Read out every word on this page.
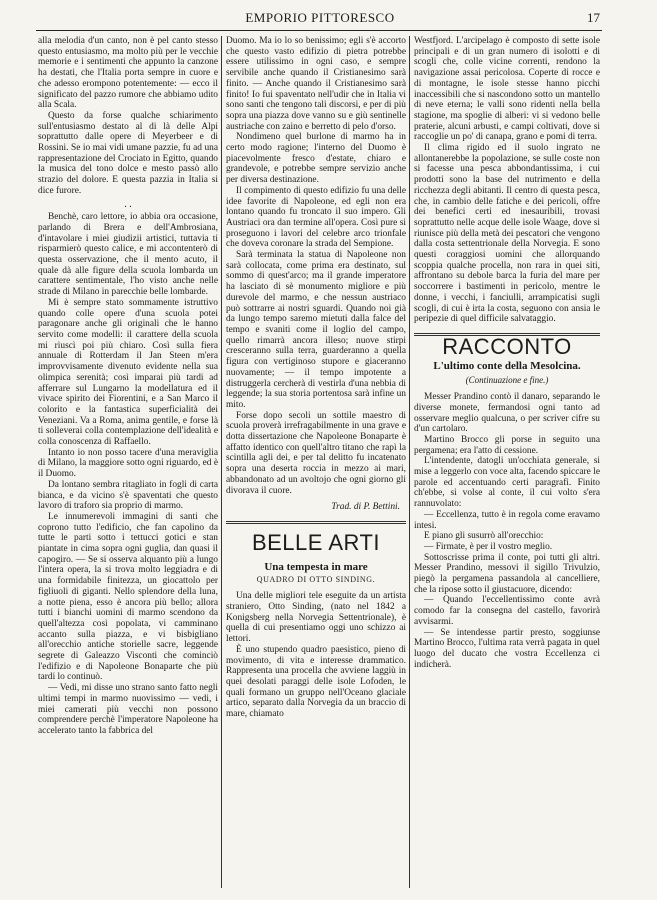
EMPORIO PITTORESCO	17

alla melodia d'un canto, non è pel canto stesso questo entusiasmo, ma molto più per le vecchie memorie e i sentimenti che appunto la canzone ha destati, che l'Italia porta sempre in cuore e che adesso erompono potentemente: — ecco il significato del pazzo rumore che abbiamo udito alla Scala.

Questo da forse qualche schiarimento sull'entusiasmo destato al di là delle Alpi soprattutto dalle opere di Meyerbeer e di Rossini. Se io mai vidi umane pazzie, fu ad una rappresentazione del Crociato in Egitto, quando la musica del tono dolce e mesto passò allo strazio del dolore. E questa pazzia in Italia si dice furore.

. .

Benchè, caro lettore, io abbia ora occasione, parlando di Brera e dell'Ambrosiana, d'intavolare i miei giudizii artistici, tuttavia ti risparmierò questo calice, e mi accontenterò di questa osservazione, che il mento acuto, il quale dà alle figure della scuola lombarda un carattere sentimentale, l'ho visto anche nelle strade di Milano in parecchie belle lombarde.

Mi è sempre stato sommamente istruttivo quando colle opere d'una scuola potei paragonare anche gli originali che le hanno servito come modelli: il carattere della scuola mi riuscì poi più chiaro. Così sulla fiera annuale di Rotterdam il Jan Steen m'era improvvisamente divenuto evidente nella sua olimpica serenità; così imparai più tardi ad afferrare sul Lungarno la modellatura ed il vivace spirito dei Fiorentini, e a San Marco il colorito e la fantastica superficialità dei Veneziani. Va a Roma, anima gentile, e forse là ti solleverai colla contemplazione dell'idealità e colla conoscenza di Raffaello.

Intanto io non posso tacere d'una meraviglia di Milano, la maggiore sotto ogni riguardo, ed è il Duomo.

Da lontano sembra ritagliato in fogli di carta bianca, e da vicino s'è spaventati che questo lavoro di traforo sia proprio di marmo.

Le innumerevoli immagini di santi che coprono tutto l'edificio, che fan capolino da tutte le parti sotto i tettucci gotici e stan piantate in cima sopra ogni guglia, dan quasi il capogiro. — Se si osserva alquanto più a lungo l'intera opera, la si trova molto leggiadra e di una formidabile finitezza, un giocattolo per figliuoli di giganti. Nello splendore della luna, a notte piena, esso è ancora più bello; allora tutti i bianchi uomini di marmo scendono da quell'altezza così popolata, vi camminano accanto sulla piazza, e vi bisbigliano all'orecchio antiche storielle sacre, leggende segrete di Galeazzo Visconti che cominciò l'edifizio e di Napoleone Bonaparte che più tardi lo continuò.

— Vedi, mi disse uno strano santo fatto negli ultimi tempi in marmo nuovissimo — vedi, i miei camerati più vecchi non possono comprendere perchè l'imperatore Napoleone ha accelerato tanto la fabbrica del

Duomo. Ma io lo so benissimo; egli s'è accorto che questo vasto edifizio di pietra potrebbe essere utilissimo in ogni caso, e sempre servibile anche quando il Cristianesimo sarà finito. — Anche quando il Cristianesimo sarà finito! Io fui spaventato nell'udir che in Italia vi sono santi che tengono tali discorsi, e per di più sopra una piazza dove vanno su e giù sentinelle austriache con zaino e berretto di pelo d'orso.

Nondimeno quel burlone di marmo ha in certo modo ragione; l'interno del Duomo è piacevolmente fresco d'estate, chiaro e grandevole, e potrebbe sempre servizio anche per diversa destinazione.

Il compimento di questo edifizio fu una delle idee favorite di Napoleone, ed egli non era lontano quando fu troncato il suo impero. Gli Austriaci ora dan termine all'opera. Così pure si proseguono i lavori del celebre arco trionfale che doveva coronare la strada del Sempione.

Sarà terminata la statua di Napoleone non sarà collocata, come prima era destinato, sul sommo di quest'arco; ma il grande imperatore ha lasciato di sè monumento migliore e più durevole del marmo, e che nessun austriaco può sottrarre ai nostri sguardi. Quando noi già da lungo tempo saremo mietuti dalla falce del tempo e svaniti come il loglio del campo, quello rimarrà ancora illeso; nuove stirpi cresceranno sulla terra, guarderanno a quella figura con vertiginoso stupore e giaceranno nuovamente; — il tempo impotente a distruggerla cercherà di vestirla d'una nebbia di leggende; la sua storia portentosa sarà infine un mito.

Forse dopo secoli un sottile maestro di scuola proverà irrefragabilmente in una grave e dotta dissertazione che Napoleone Bonaparte è affatto identico con quell'altro titano che rapì la scintilla agli dei, e per tal delitto fu incatenato sopra una deserta roccia in mezzo ai mari, abbandonato ad un avoltojo che ogni giorno gli divorava il cuore.

Trad. di P. Bettini.
BELLE ARTI
Una tempesta in mare
QUADRO DI OTTO SINDING.

Una delle migliori tele eseguite da un artista straniero, Otto Sinding, (nato nel 1842 a Konigsberg nella Norvegia Settentrionale), è quella di cui presentiamo oggi uno schizzo ai lettori.

È uno stupendo quadro paesistico, pieno di movimento, di vita e interesse drammatico. Rappresenta una procella che avviene laggiù in quei desolati paraggi delle isole Lofoden, le quali formano un gruppo nell'Oceano glaciale artico, separato dalla Norvegia da un braccio di mare, chiamato

Westfjord. L'arcipelago è composto di sette isole principali e di un gran numero di isolotti e di scogli che, colle vicine correnti, rendono la navigazione assai pericolosa. Coperte di rocce e di montagne, le isole stesse hanno picchi inaccessibili che si nascondono sotto un mantello di neve eterna; le valli sono ridenti nella bella stagione, ma spoglie di alberi: vi si vedono belle praterie, alcuni arbusti, e campi coltivati, dove si raccoglie un po' di canapa, grano e pomi di terra.

Il clima rigido ed il suolo ingrato ne allontanerebbe la popolazione, se sulle coste non si facesse una pesca abbondantissima, i cui prodotti sono la base del nutrimento e della ricchezza degli abitanti. Il centro di questa pesca, che, in cambio delle fatiche e dei pericoli, offre dei benefici certi ed inesauribili, trovasi soprattutto nelle acque delle isole Waage, dove si riunisce più della metà dei pescatori che vengono dalla costa settentrionale della Norvegia. E sono questi coraggiosi uomini che allorquando scoppia qualche procella, non rara in quei siti, affrontano su debole barca la furia del mare per soccorrere i bastimenti in pericolo, mentre le donne, i vecchi, i fanciulli, arrampicatisi sugli scogli, di cui è irta la costa, seguono con ansia le peripezie di quel difficile salvataggio.

RACCONTO
L'ultimo conte della Mesolcina.
(Continuazione e fine.)

Messer Prandino contò il danaro, separando le diverse monete, fermandosi ogni tanto ad osservare meglio qualcuna, o per scriver cifre su d'un cartolaro.

Martino Brocco gli porse in seguito una pergamena; era l'atto di cessione.

L'intendente, datogli un'occhiata generale, si mise a leggerlo con voce alta, facendo spiccare le parole ed accentuando certi paragrafi. Finito ch'ebbe, si volse al conte, il cui volto s'era rannuvolato:

— Eccellenza, tutto è in regola come eravamo intesi.

E piano gli susurrò all'orecchio:

— Firmate, è per il vostro meglio.

Sottoscrisse prima il conte, poi tutti gli altri. Messer Prandino, messovi il sigillo Trivulzio, piegò la pergamena passandola al cancelliere, che la ripose sotto il giustacuore, dicendo:

— Quando l'eccellentissimo conte avrà comodo far la consegna del castello, favorirà avvisarmi.

— Se intendesse partir presto, soggiunse Martino Brocco, l'ultima rata verrà pagata in quel luogo del ducato che vostra Eccellenza ci indicherà.
